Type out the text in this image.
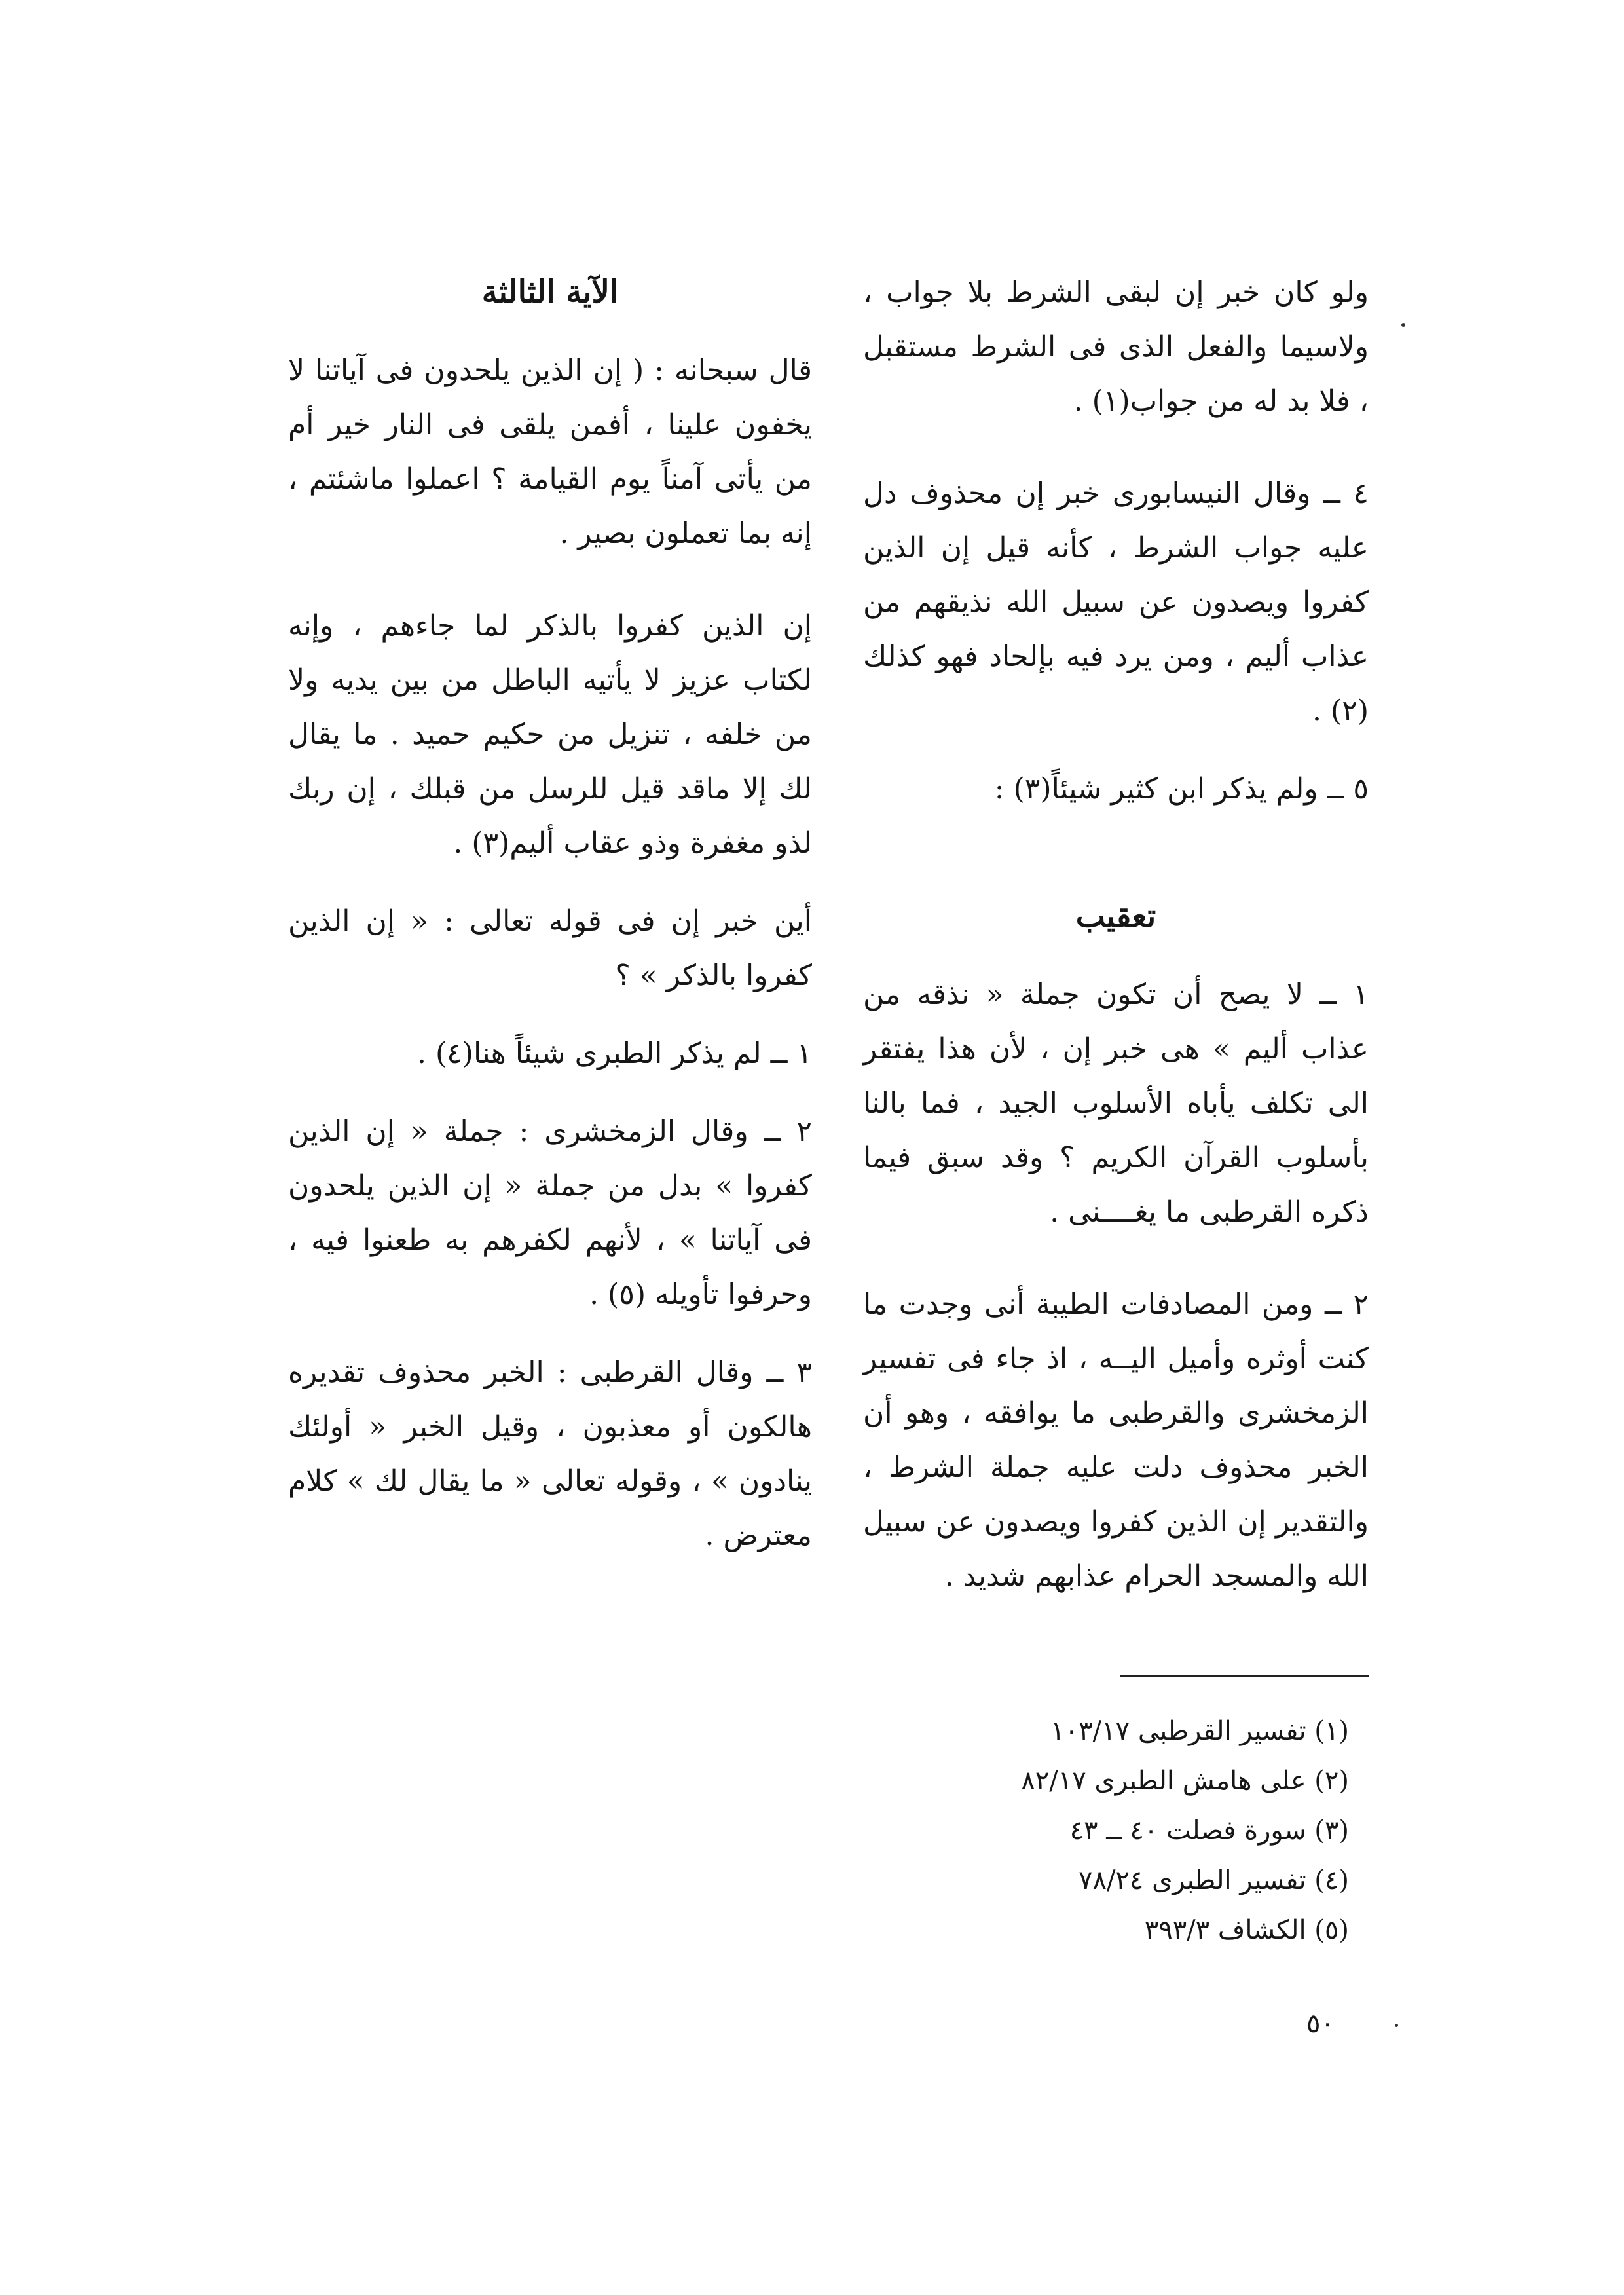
ولو كان خبر إن لبقى الشرط بلا جواب ، ولاسيما والفعل الذى فى الشرط مستقبل ، فلا بد له من جواب(١) .

٤ ــ وقال النيسابورى خبر إن محذوف دل عليه جواب الشرط ، كأنه قيل إن الذين كفروا ويصدون عن سبيل الله نذيقهم من عذاب أليم ، ومن يرد فيه بإلحاد فهو كذلك (٢) .

٥ ــ ولم يذكر ابن كثير شيئاً(٣) :

تعقيب

١ ــ لا يصح أن تكون جملة « نذقه من عذاب أليم » هى خبر إن ، لأن هذا يفتقر الى تكلف يأباه الأسلوب الجيد ، فما بالنا بأسلوب القرآن الكريم ؟ وقد سبق فيما ذكره القرطبى ما يغــــنى .

٢ ــ ومن المصادفات الطيبة أنى وجدت ما كنت أوثره وأميل اليــه ، اذ جاء فى تفسير الزمخشرى والقرطبى ما يوافقه ، وهو أن الخبر محذوف دلت عليه جملة الشرط ، والتقدير إن الذين كفروا ويصدون عن سبيل الله والمسجد الحرام عذابهم شديد .

الآية الثالثة

قال سبحانه : ( إن الذين يلحدون فى آياتنا لا يخفون علينا ، أفمن يلقى فى النار خير أم من يأتى آمناً يوم القيامة ؟ اعملوا ماشئتم ، إنه بما تعملون بصير .

إن الذين كفروا بالذكر لما جاءهم ، وإنه لكتاب عزيز لا يأتيه الباطل من بين يديه ولا من خلفه ، تنزيل من حكيم حميد . ما يقال لك إلا ماقد قيل للرسل من قبلك ، إن ربك لذو مغفرة وذو عقاب أليم(٣) .

أين خبر إن فى قوله تعالى : « إن الذين كفروا بالذكر » ؟

١ ــ لم يذكر الطبرى شيئاً هنا(٤) .

٢ ــ وقال الزمخشرى : جملة « إن الذين كفروا » بدل من جملة « إن الذين يلحدون فى آياتنا » ، لأنهم لكفرهم به طعنوا فيه ، وحرفوا تأويله (٥) .

٣ ــ وقال القرطبى : الخبر محذوف تقديره هالكون أو معذبون ، وقيل الخبر « أولئك ينادون » ، وقوله تعالى « ما يقال لك » كلام معترض .

(١) تفسير القرطبى ١٠٣/١٧
(٢) على هامش الطبرى ٨٢/١٧
(٣) سورة فصلت ٤٠ ــ ٤٣
(٤) تفسير الطبرى ٧٨/٢٤
(٥) الكشاف ٣٩٣/٣
٥٠
